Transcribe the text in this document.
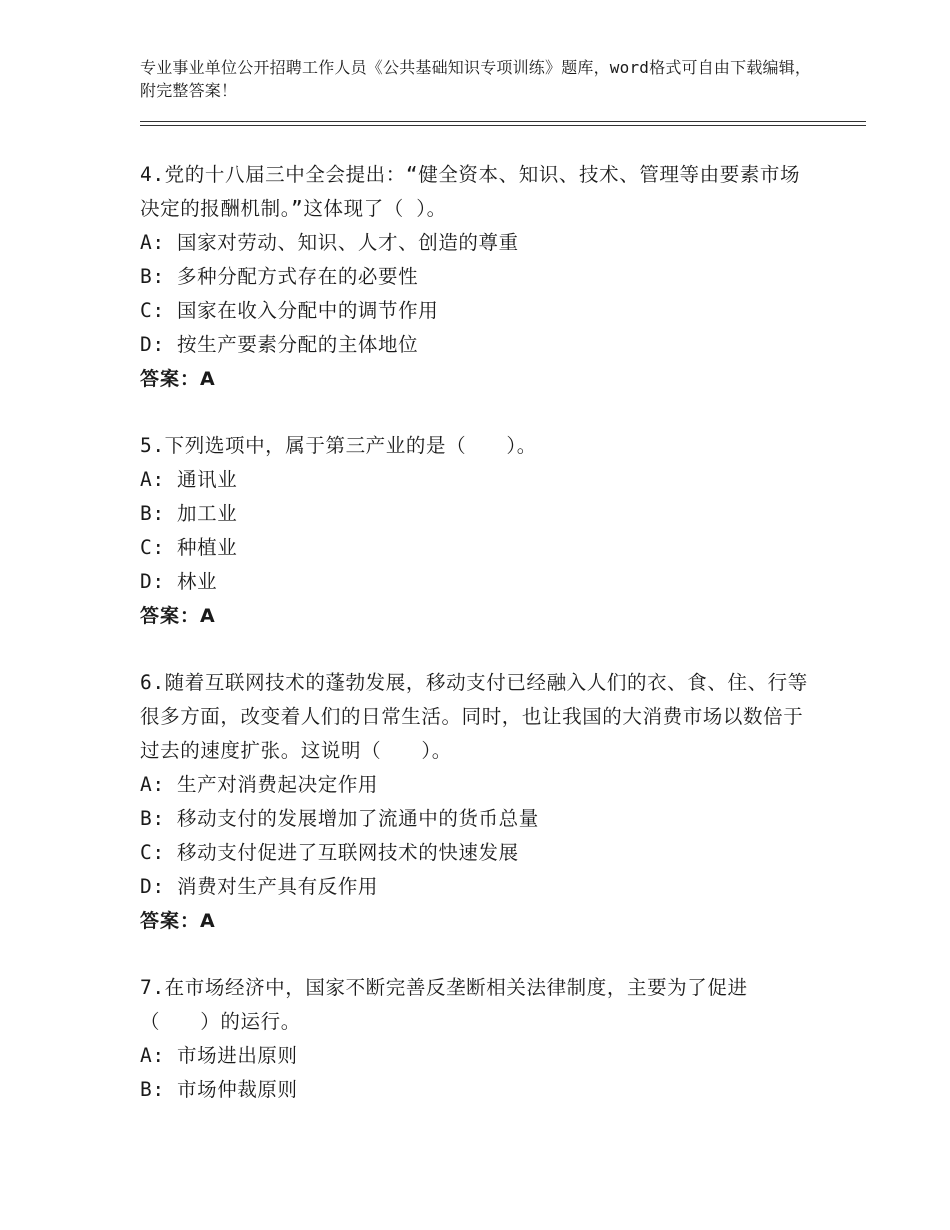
专业事业单位公开招聘工作人员《公共基础知识专项训练》题库，word格式可自由下载编辑，附完整答案！
4.党的十八届三中全会提出：“健全资本、知识、技术、管理等由要素市场决定的报酬机制。”这体现了（ ）。
A: 国家对劳动、知识、人才、创造的尊重
B: 多种分配方式存在的必要性
C: 国家在收入分配中的调节作用
D: 按生产要素分配的主体地位
答案：A
5.下列选项中，属于第三产业的是（　　）。
A: 通讯业
B: 加工业
C: 种植业
D: 林业
答案：A
6.随着互联网技术的蓬勃发展，移动支付已经融入人们的衣、食、住、行等很多方面，改变着人们的日常生活。同时，也让我国的大消费市场以数倍于过去的速度扩张。这说明（　　）。
A: 生产对消费起决定作用
B: 移动支付的发展增加了流通中的货币总量
C: 移动支付促进了互联网技术的快速发展
D: 消费对生产具有反作用
答案：A
7.在市场经济中，国家不断完善反垄断相关法律制度，主要为了促进（　　）的运行。
A: 市场进出原则
B: 市场仲裁原则
